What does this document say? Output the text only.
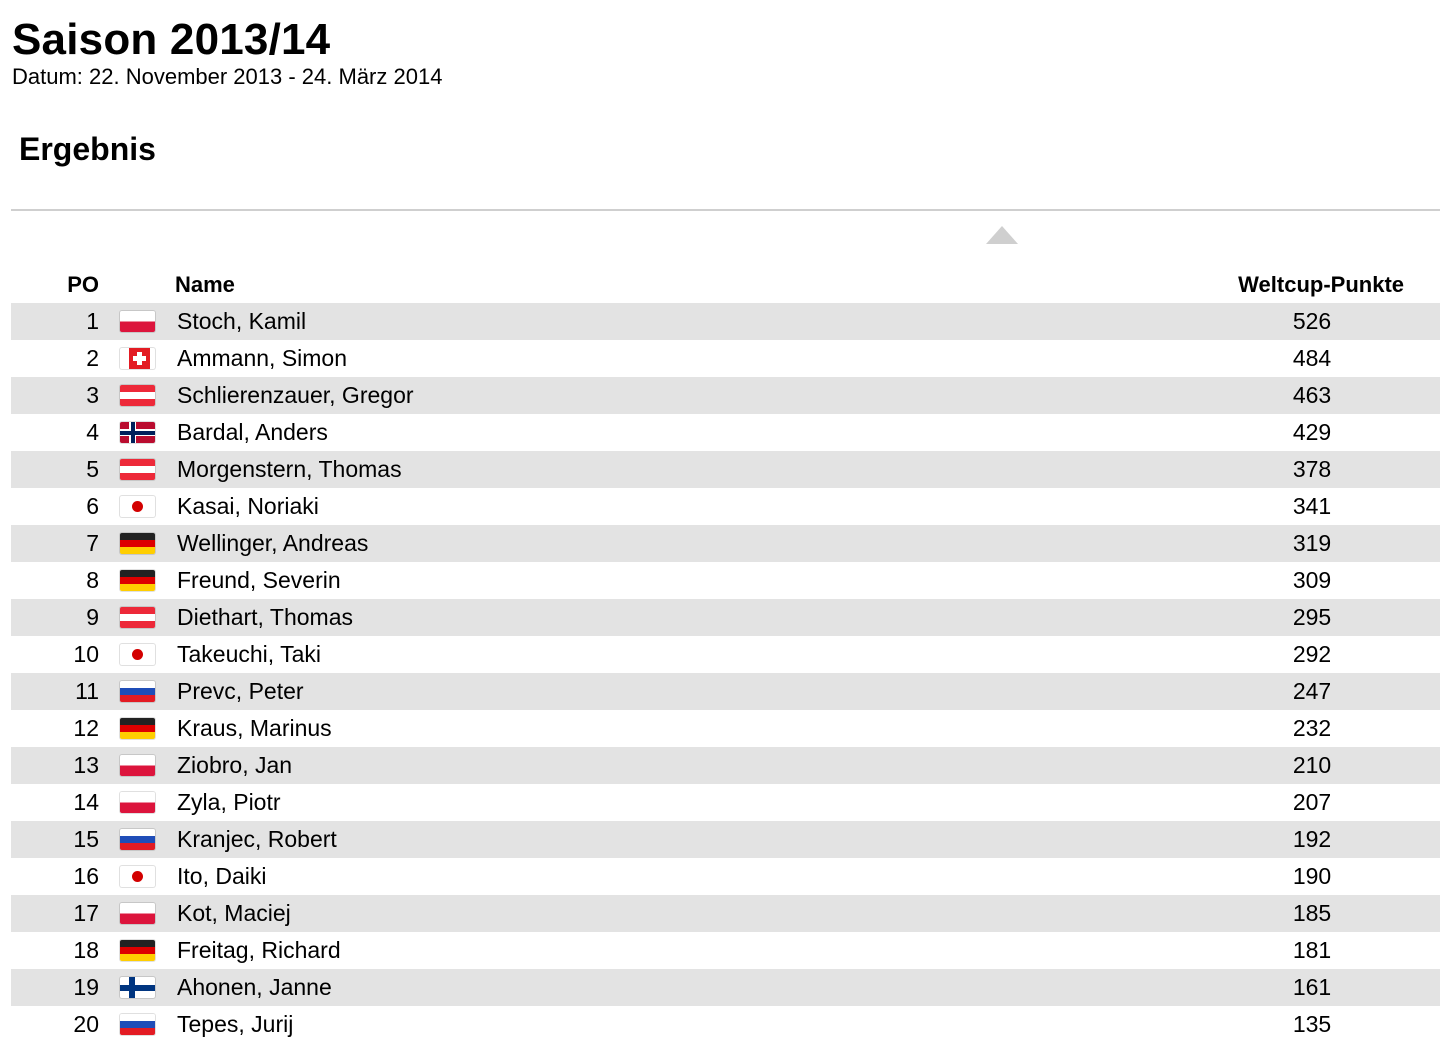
Saison 2013/14
Datum: 22. November 2013 - 24. März 2014
Ergebnis
PO	Name	Weltcup-Punkte
1	Stoch, Kamil	526
2	Ammann, Simon	484
3	Schlierenzauer, Gregor	463
4	Bardal, Anders	429
5	Morgenstern, Thomas	378
6	Kasai, Noriaki	341
7	Wellinger, Andreas	319
8	Freund, Severin	309
9	Diethart, Thomas	295
10	Takeuchi, Taki	292
11	Prevc, Peter	247
12	Kraus, Marinus	232
13	Ziobro, Jan	210
14	Zyla, Piotr	207
15	Kranjec, Robert	192
16	Ito, Daiki	190
17	Kot, Maciej	185
18	Freitag, Richard	181
19	Ahonen, Janne	161
20	Tepes, Jurij	135
